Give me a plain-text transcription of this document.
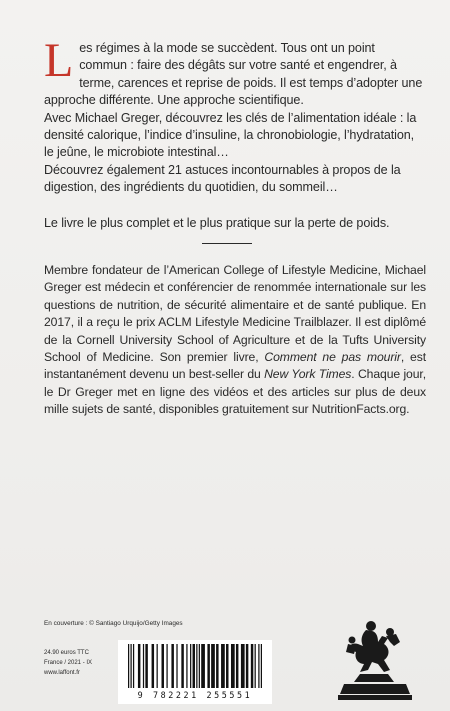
Les régimes à la mode se succèdent. Tous ont un point commun : faire des dégâts sur votre santé et engendrer, à terme, carences et reprise de poids. Il est temps d’adopter une approche différente. Une approche scientifique.

Avec Michael Greger, découvrez les clés de l’alimentation idéale : la densité calorique, l’indice d’insuline, la chronobiologie, l’hydratation, le jeûne, le microbiote intestinal…

Découvrez également 21 astuces incontournables à propos de la digestion, des ingrédients du quotidien, du sommeil…

Le livre le plus complet et le plus pratique sur la perte de poids.

Membre fondateur de l’American College of Lifestyle Medicine, Michael Greger est médecin et conférencier de renommée internationale sur les questions de nutrition, de sécurité alimentaire et de santé publique. En 2017, il a reçu le prix ACLM Lifestyle Medicine Trailblazer. Il est diplômé de la Cornell University School of Agriculture et de la Tufts University School of Medicine. Son premier livre, Comment ne pas mourir, est instantanément devenu un best-seller du New York Times. Chaque jour, le Dr Greger met en ligne des vidéos et des articles sur plus de deux mille sujets de santé, disponibles gratuitement sur NutritionFacts.org.

En couverture : © Santiago Urquijo/Getty Images
24.90 euros TTC
France / 2021 - IX
www.laffont.fr
9 782221 255551
